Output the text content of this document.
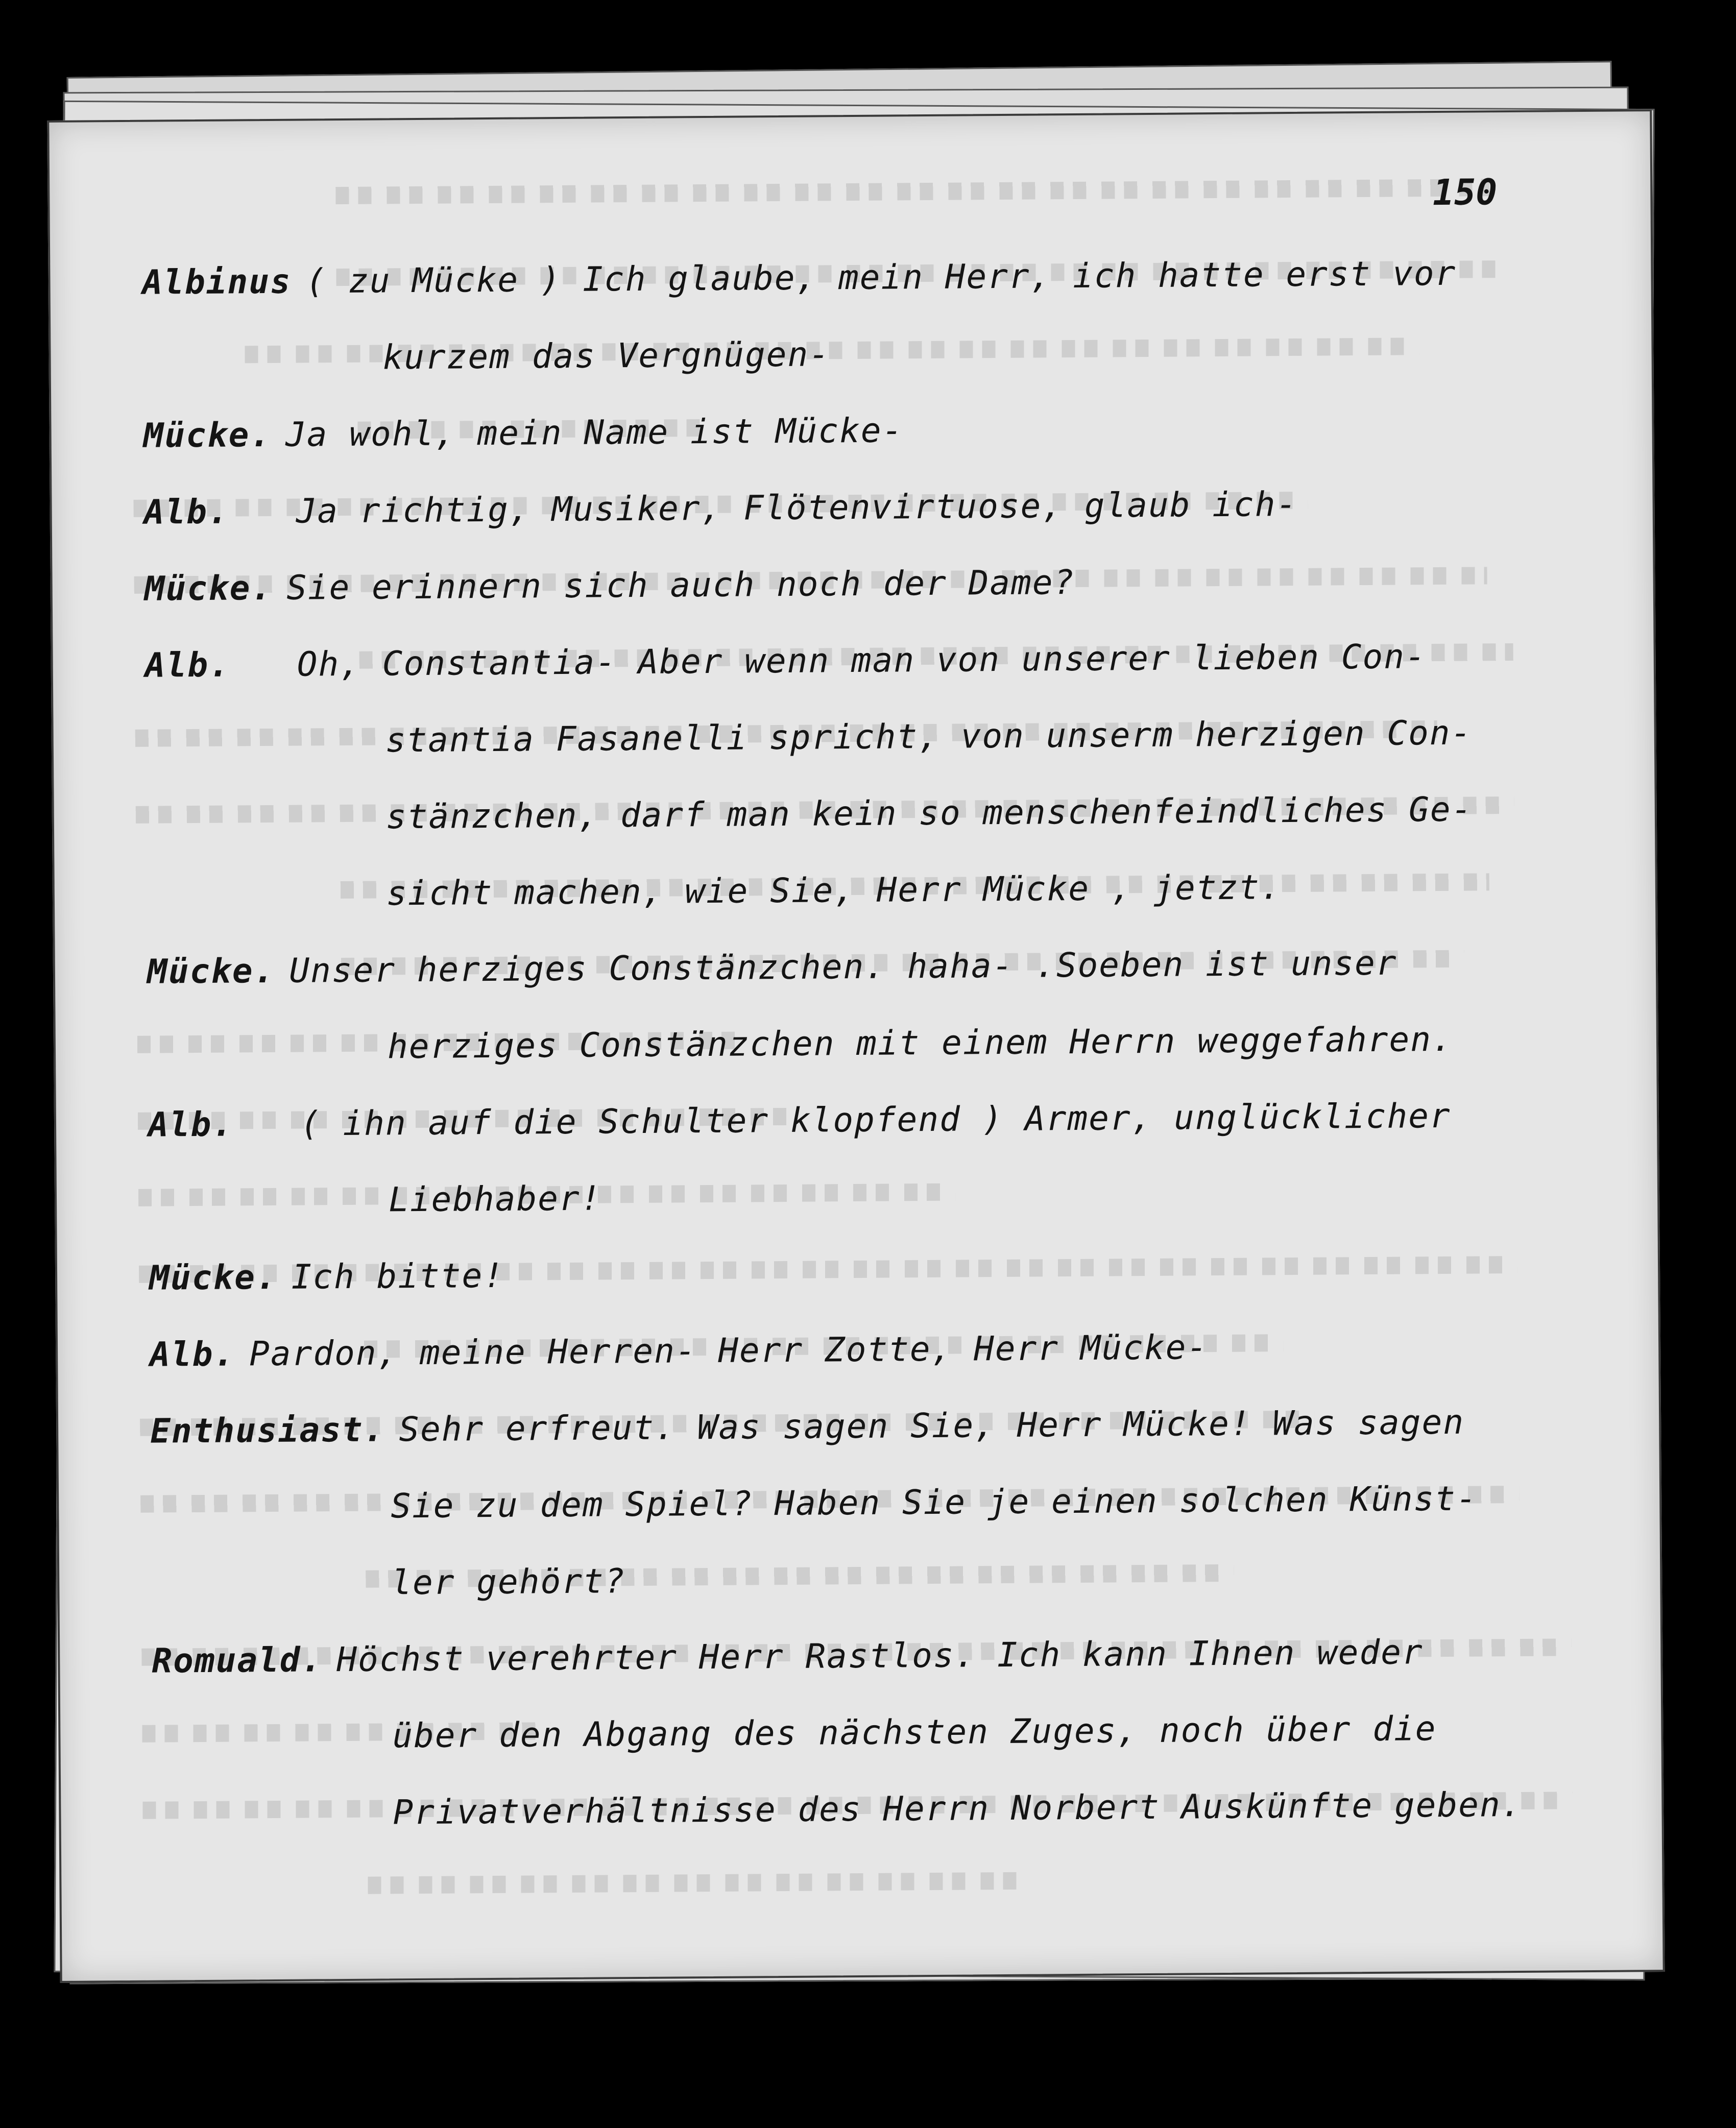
150

Albinus ( zu Mücke ) Ich glaube, mein Herr, ich hatte erst vor
kurzem das Vergnügen-
Mücke. Ja wohl, mein Name ist Mücke-
Alb. Ja richtig, Musiker, Flötenvirtuose, glaub ich-
Mücke. Sie erinnern sich auch noch der Dame?
Alb. Oh, Constantia- Aber wenn man von unserer lieben Con-
stantia Fasanelli spricht, von unserm herzigen Con-
stänzchen, darf man kein so menschenfeindliches Ge-
sicht machen, wie Sie, Herr Mücke , jetzt.
Mücke. Unser herziges Constänzchen. haha- .Soeben ist unser
herziges Constänzchen mit einem Herrn weggefahren.
Alb. ( ihn auf die Schulter klopfend ) Armer, unglücklicher
Liebhaber!
Mücke. Ich bitte!
Alb. Pardon, meine Herren- Herr Zotte, Herr Mücke-
Enthusiast. Sehr erfreut. Was sagen Sie, Herr Mücke! Was sagen
Sie zu dem Spiel? Haben Sie je einen solchen Künst-
ler gehört?
Romuald. Höchst verehrter Herr Rastlos. Ich kann Ihnen weder
über den Abgang des nächsten Zuges, noch über die
Privatverhältnisse des Herrn Norbert Auskünfte geben.
